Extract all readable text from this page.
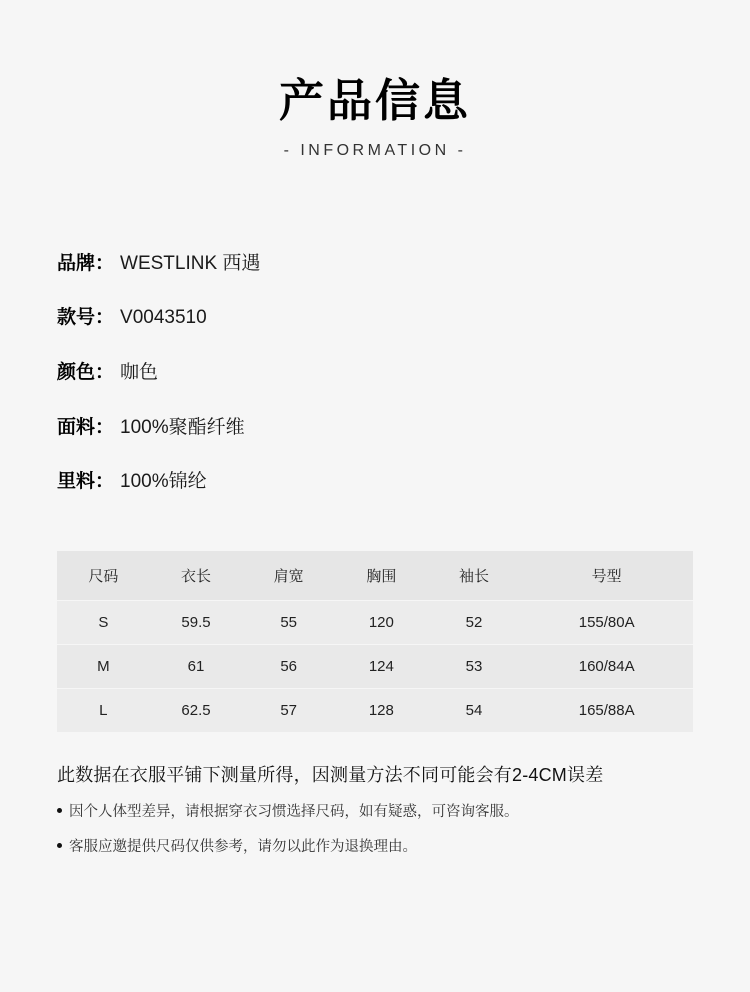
产品信息
- INFORMATION -
品牌： WESTLINK 西遇
款号： V0043510
颜色： 咖色
面料： 100%聚酯纤维
里料： 100%锦纶
尺码	衣长	肩宽	胸围	袖长	号型
S	59.5	55	120	52	155/80A
M	61	56	124	53	160/84A
L	62.5	57	128	54	165/88A
此数据在衣服平铺下测量所得，因测量方法不同可能会有2-4CM误差
因个人体型差异，请根据穿衣习惯选择尺码，如有疑惑，可咨询客服。
客服应邀提供尺码仅供参考，请勿以此作为退换理由。
